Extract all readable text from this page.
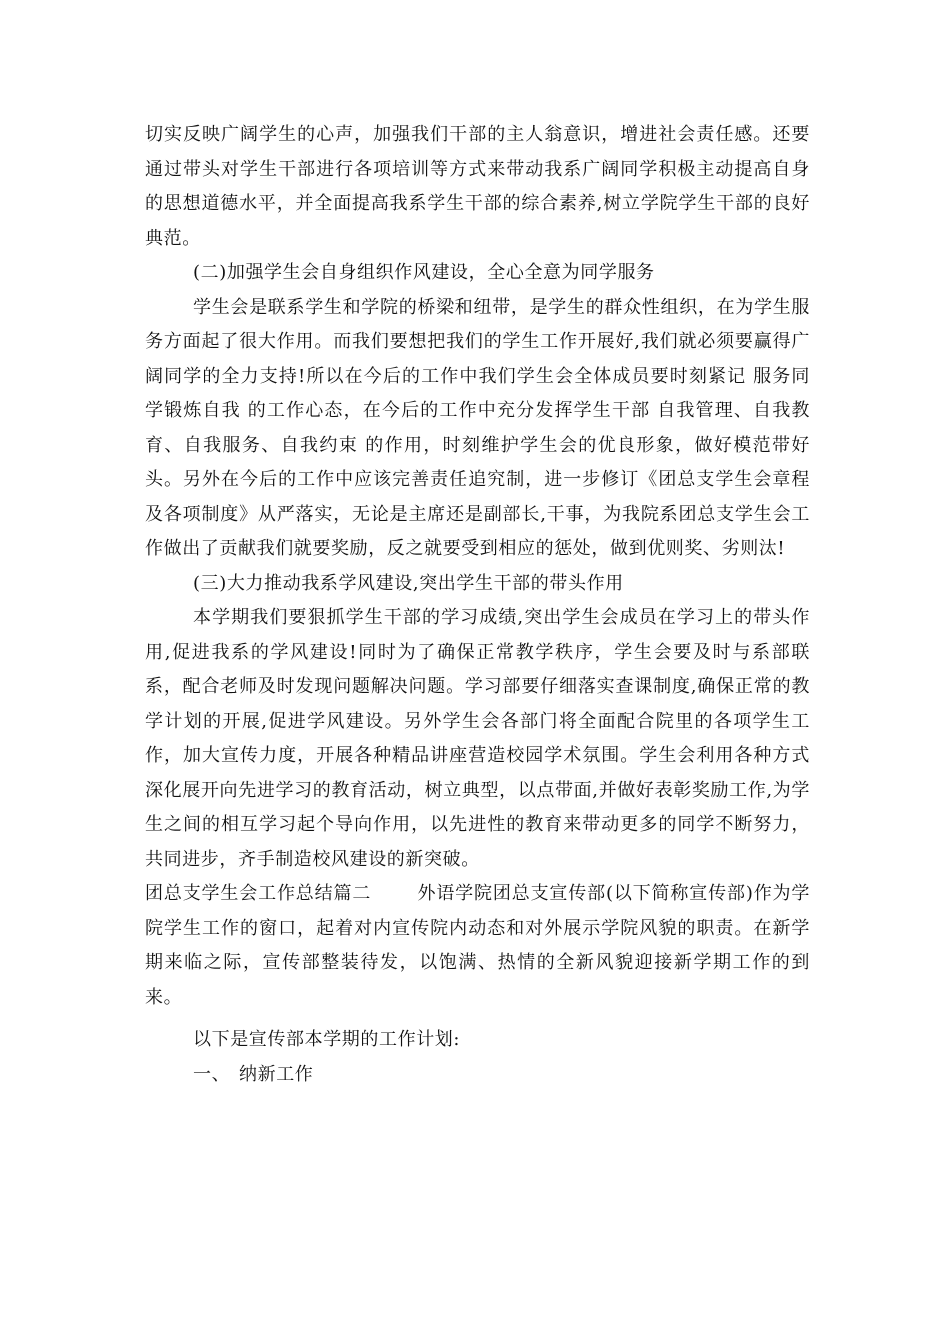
切实反映广阔学生的心声，加强我们干部的主人翁意识，增进社会责任感。还要通过带头对学生干部进行各项培训等方式来带动我系广阔同学积极主动提高自身的思想道德水平，并全面提高我系学生干部的综合素养,树立学院学生干部的良好典范。

(二)加强学生会自身组织作风建设，全心全意为同学服务

学生会是联系学生和学院的桥梁和纽带，是学生的群众性组织，在为学生服务方面起了很大作用。而我们要想把我们的学生工作开展好,我们就必须要赢得广阔同学的全力支持!所以在今后的工作中我们学生会全体成员要时刻紧记 服务同学锻炼自我 的工作心态，在今后的工作中充分发挥学生干部 自我管理、自我教育、自我服务、自我约束 的作用，时刻维护学生会的优良形象，做好模范带好头。另外在今后的工作中应该完善责任追究制，进一步修订《团总支学生会章程及各项制度》从严落实，无论是主席还是副部长,干事，为我院系团总支学生会工作做出了贡献我们就要奖励，反之就要受到相应的惩处，做到优则奖、劣则汰!

(三)大力推动我系学风建设,突出学生干部的带头作用

本学期我们要狠抓学生干部的学习成绩,突出学生会成员在学习上的带头作用,促进我系的学风建设!同时为了确保正常教学秩序，学生会要及时与系部联系，配合老师及时发现问题解决问题。学习部要仔细落实查课制度,确保正常的教学计划的开展,促进学风建设。另外学生会各部门将全面配合院里的各项学生工作，加大宣传力度，开展各种精品讲座营造校园学术氛围。学生会利用各种方式深化展开向先进学习的教育活动，树立典型，以点带面,并做好表彰奖励工作,为学生之间的相互学习起个导向作用，以先进性的教育来带动更多的同学不断努力，共同进步，齐手制造校风建设的新突破。

团总支学生会工作总结篇二	外语学院团总支宣传部(以下简称宣传部)作为学院学生工作的窗口，起着对内宣传院内动态和对外展示学院风貌的职责。在新学期来临之际，宣传部整装待发，以饱满、热情的全新风貌迎接新学期工作的到来。

以下是宣传部本学期的工作计划:

一、 纳新工作
